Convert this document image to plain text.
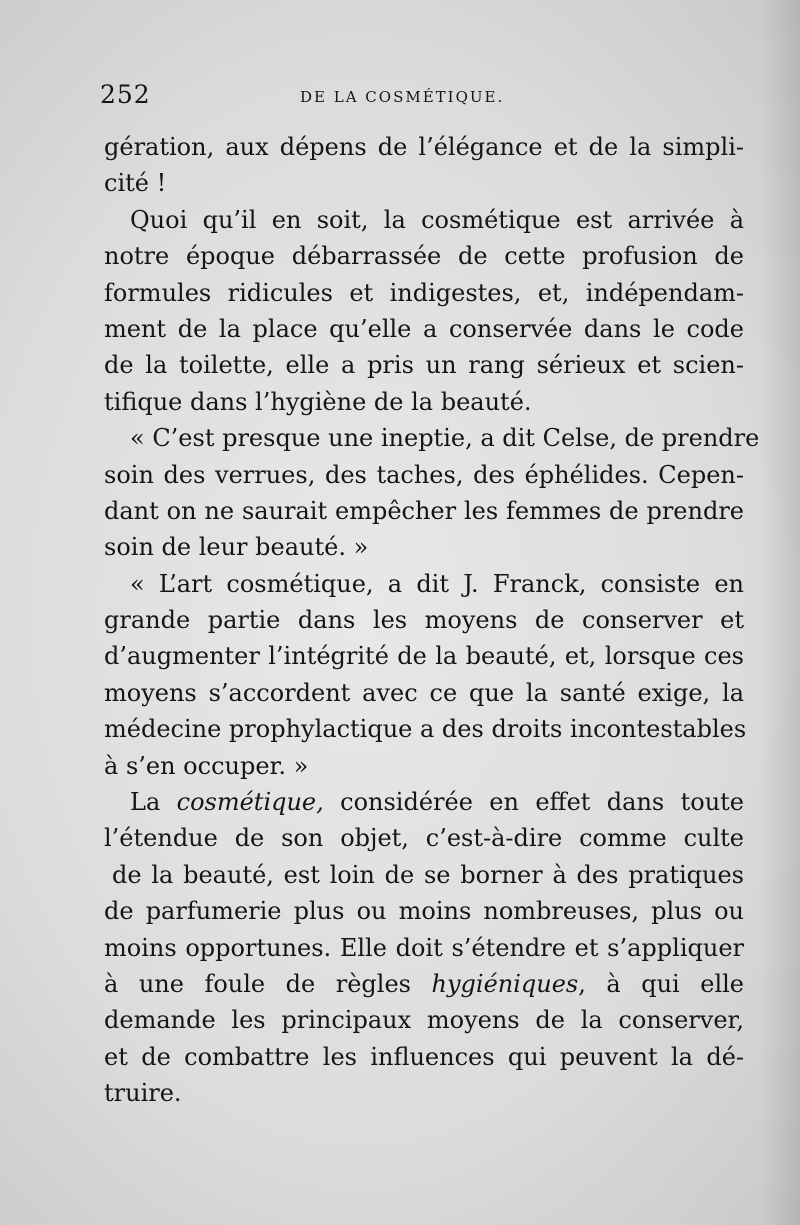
252	DE LA COSMÉTIQUE.
gération, aux dépens de l’élégance et de la simpli-
cité !
Quoi qu’il en soit, la cosmétique est arrivée à
notre époque débarrassée de cette profusion de
formules ridicules et indigestes, et, indépendam-
ment de la place qu’elle a conservée dans le code
de la toilette, elle a pris un rang sérieux et scien-
tifique dans l’hygiène de la beauté.
« C’est presque une ineptie, a dit Celse, de prendre
soin des verrues, des taches, des éphélides. Cepen-
dant on ne saurait empêcher les femmes de prendre
soin de leur beauté. »
« L’art cosmétique, a dit J. Franck, consiste en
grande partie dans les moyens de conserver et
d’augmenter l’intégrité de la beauté, et, lorsque ces
moyens s’accordent avec ce que la santé exige, la
médecine prophylactique a des droits incontestables
à s’en occuper. »
La cosmétique, considérée en effet dans toute
l’étendue de son objet, c’est-à-dire comme culte
de la beauté, est loin de se borner à des pratiques
de parfumerie plus ou moins nombreuses, plus ou
moins opportunes. Elle doit s’étendre et s’appliquer
à une foule de règles hygiéniques, à qui elle
demande les principaux moyens de la conserver,
et de combattre les influences qui peuvent la dé-
truire.
